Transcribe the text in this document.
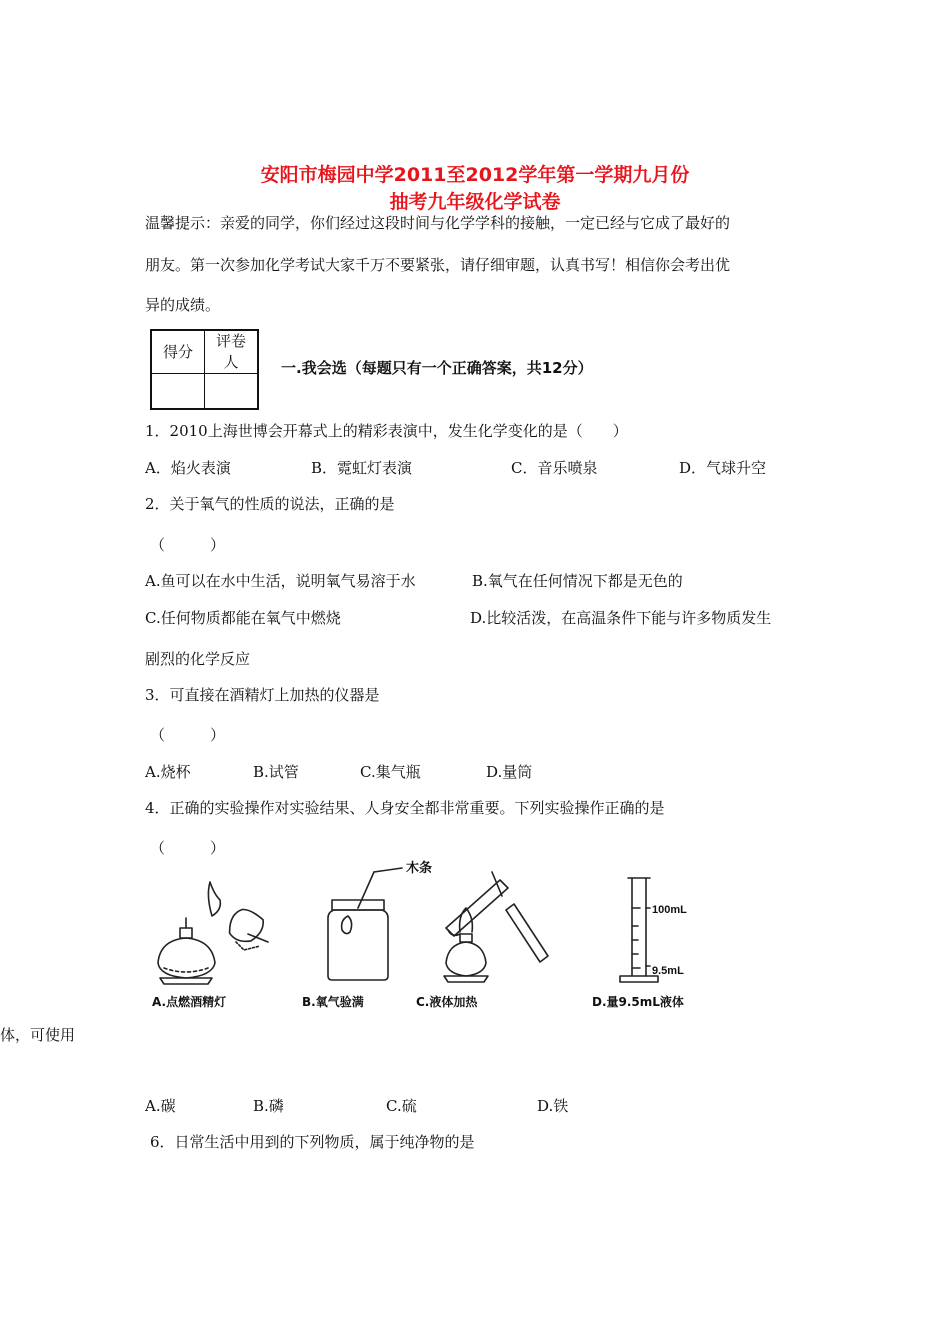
安阳市梅园中学2011至2012学年第一学期九月份
抽考九年级化学试卷
温馨提示：亲爱的同学，你们经过这段时间与化学学科的接触，一定已经与它成了最好的
朋友。第一次参加化学考试大家千万不要紧张，请仔细审题，认真书写！相信你会考出优
异的成绩。
得分	评卷
人
		一.我会选（每题只有一个正确答案，共12分）
1．2010上海世博会开幕式上的精彩表演中，发生化学变化的是（　　）
A．焰火表演	B．霓虹灯表演	C．音乐喷泉	D．气球升空
2．关于氧气的性质的说法，正确的是
（　　　）
A.鱼可以在水中生活，说明氧气易溶于水	B.氧气在任何情况下都是无色的
C.任何物质都能在氧气中燃烧	D.比较活泼，在高温条件下能与许多物质发生
剧烈的化学反应
3．可直接在酒精灯上加热的仪器是
（　　　）
A.烧杯	B.试管	C.集气瓶	D.量筒
4．正确的实验操作对实验结果、人身安全都非常重要。下列实验操作正确的是
（　　　）
木条
100mL
9.5mL
A.点燃酒精灯	B.氧气验满	C.液体加热	D.量9.5mL液体
体，可使用
A.碳	B.磷	C.硫	D.铁
6．日常生活中用到的下列物质，属于纯净物的是
